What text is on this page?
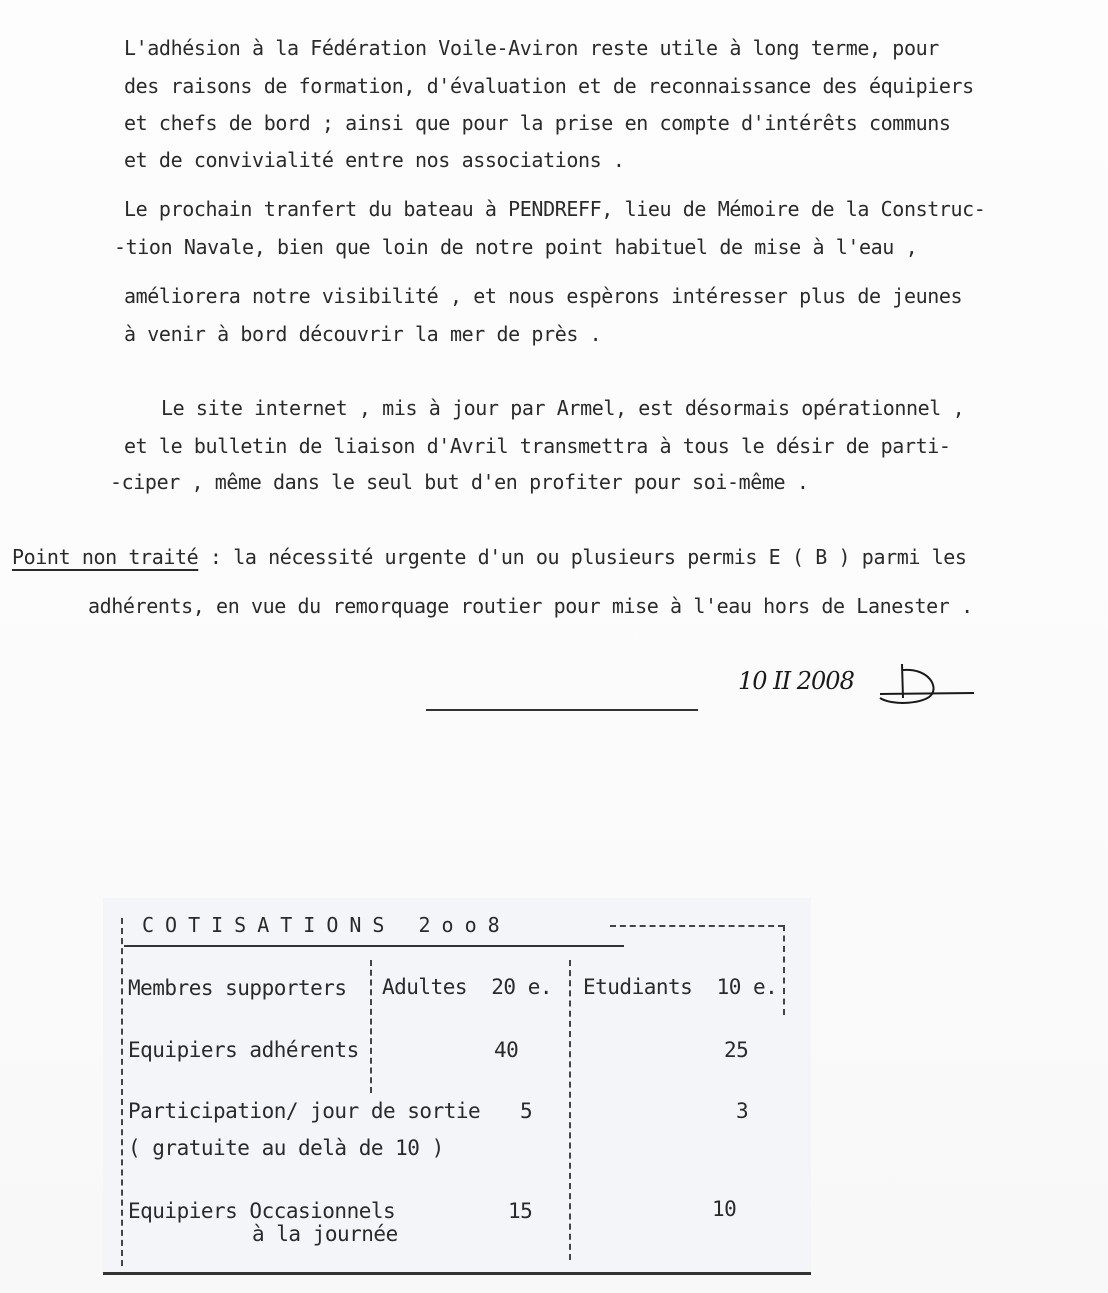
L'adhésion à la Fédération Voile-Aviron reste utile à long terme, pour
des raisons de formation, d'évaluation et de reconnaissance des équipiers
et chefs de bord ; ainsi que pour la prise en compte d'intérêts communs
et de convivialité entre nos associations .
Le prochain tranfert du bateau à PENDREFF, lieu de Mémoire de la Construc-
-tion Navale, bien que loin de notre point habituel de mise à l'eau ,
améliorera notre visibilité , et nous espèrons intéresser plus de jeunes
à venir à bord découvrir la mer de près .
Le site internet , mis à jour par Armel, est désormais opérationnel ,
et le bulletin de liaison d'Avril transmettra à tous le désir de parti-
-ciper , même dans le seul but d'en profiter pour soi-même .
Point non traité : la nécessité urgente d'un ou plusieurs permis E ( B ) parmi les
adhérents, en vue du remorquage routier pour mise à l'eau hors de Lanester .
10 II 2008
COTISATIONS 2oo8
Membres supporters Adultes  20 e. Etudiants  10 e.
Equipiers adhérents	40	25
Participation/ jour de sortie
( gratuite au delà de 10 )
5	3
Equipiers Occasionnels
à la journée
15	10
